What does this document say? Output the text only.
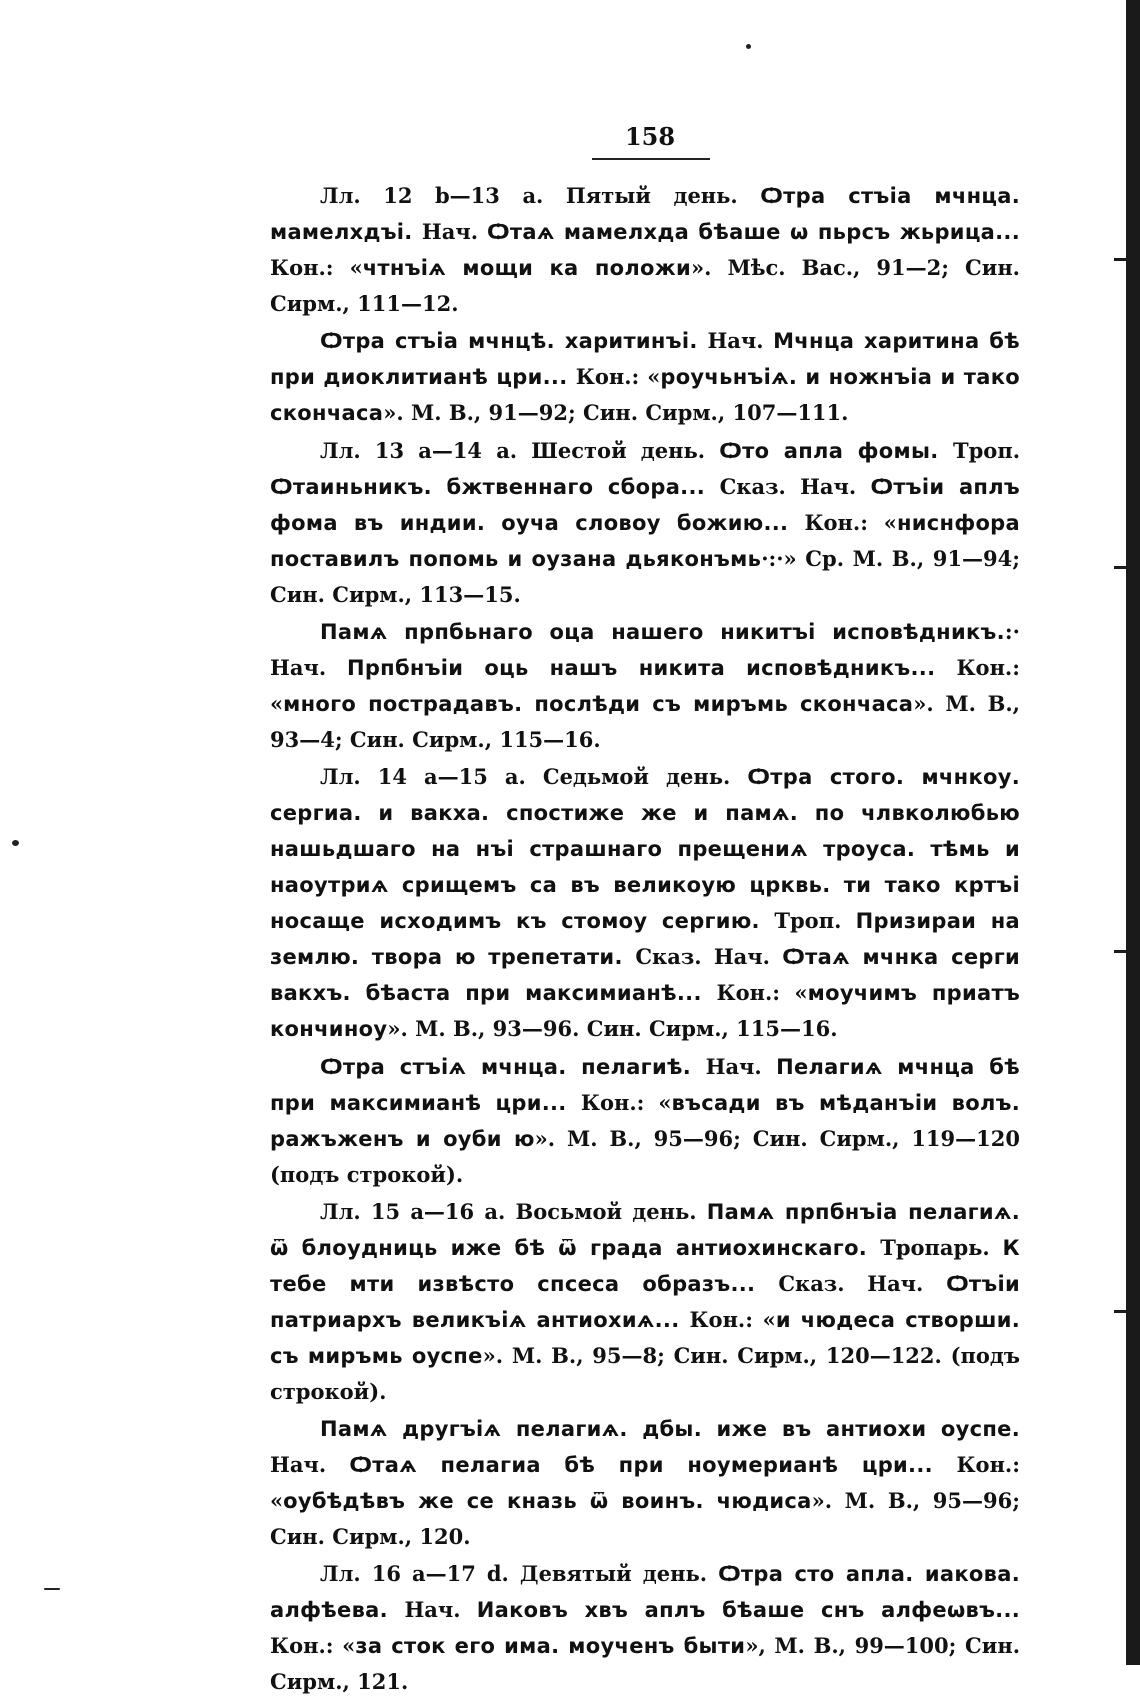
158

Лл. 12 b—13 а. Пятый день. Ѻтра стъіа мчнца. мамелхдъі. Нач. Ѻтаѧ мамелхда бѣаше ѡ пьрсъ жьрица... Кон.: «чтнъіѧ мощи ка положи». Мѣс. Вас., 91—2; Син. Сирм., 111—12.

Ѻтра стъіа мчнцѣ. харитинъі. Нач. Мчнца харитина бѣ при диоклитианѣ цри... Кон.: «роучьнъіѧ. и ножнъіа и тако скончаса». М. В., 91—92; Син. Сирм., 107—111.

Лл. 13 а—14 а. Шестой день. Ѻто апла фомы. Троп. Ѻтаиньникъ. бжтвеннаго сбора... Сказ. Нач. Ѻтъіи аплъ фома въ индии. оуча словоу божию... Кон.: «ниснфора поставилъ попомь и оузана дьяконъмь·:·» Ср. М. В., 91—94; Син. Сирм., 113—15.

Памѧ прпбьнаго оца нашего никитъі исповѣдникъ.:· Нач. Прпбнъіи оць нашъ никита исповѣдникъ... Кон.: «много пострадавъ. послѣди съ миръмь скончаса». М. В., 93—4; Син. Сирм., 115—16.

Лл. 14 а—15 а. Седьмой день. Ѻтра стого. мчнкоу. сергиа. и вакха. спостиже же и памѧ. по члвколюбью нашьдшаго на нъі страшнаго прещениѧ троуса. тѣмь и наоутриѧ срищемъ са въ великоую црквь. ти тако кртъі носаще исходимъ къ стомоу сергию. Троп. Призираи на землю. твора ю трепетати. Сказ. Нач. Ѻтаѧ мчнка серги вакхъ. бѣаста при максимианѣ... Кон.: «моучимъ приатъ кончиноу». М. В., 93—96. Син. Сирм., 115—16.

Ѻтра стъіѧ мчнца. пелагиѣ. Нач. Пелагиѧ мчнца бѣ при максимианѣ цри... Кон.: «въсади въ мѣданъіи волъ. ражъженъ и оуби ю». М. В., 95—96; Син. Сирм., 119—120 (подъ строкой).

Лл. 15 а—16 а. Восьмой день. Памѧ прпбнъіа пелагиѧ. ѿ блоудниць иже бѣ ѿ града антиохинскаго. Тропарь. К тебе мти извѣсто спсеса образъ... Сказ. Нач. Ѻтъіи патриархъ великъіѧ антиохиѧ... Кон.: «и чюдеса створши. съ миръмь оуспе». М. В., 95—8; Син. Сирм., 120—122. (подъ строкой).

Памѧ другъіѧ пелагиѧ. дбы. иже въ антиохи оуспе. Нач. Ѻтаѧ пелагиа бѣ при ноумерианѣ цри... Кон.: «оубѣдѣвъ же се кназь ѿ воинъ. чюдиса». М. В., 95—96; Син. Сирм., 120.

Лл. 16 а—17 d. Девятый день. Ѻтра сто апла. иакова. алфѣева. Нач. Иаковъ хвъ аплъ бѣаше снъ алфеѡвъ... Кон.: «за сток его има. моученъ быти», М. В., 99—100; Син. Сирм., 121.
